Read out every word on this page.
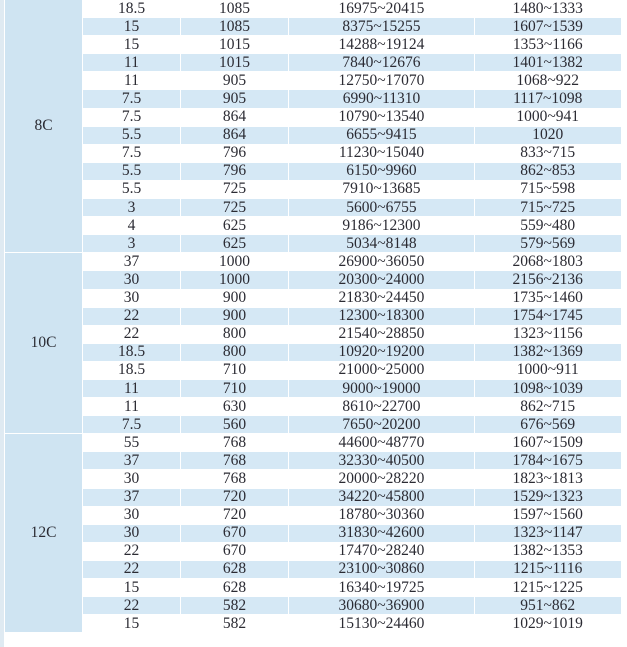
8C	18.5	1085	16975~20415	1480~1333
	15	1085	8375~15255	1607~1539
	15	1015	14288~19124	1353~1166
	11	1015	7840~12676	1401~1382
	11	905	12750~17070	1068~922
	7.5	905	6990~11310	1117~1098
	7.5	864	10790~13540	1000~941
	5.5	864	6655~9415	1020
	7.5	796	11230~15040	833~715
	5.5	796	6150~9960	862~853
	5.5	725	7910~13685	715~598
	3	725	5600~6755	715~725
	4	625	9186~12300	559~480
	3	625	5034~8148	579~569
10C	37	1000	26900~36050	2068~1803
	30	1000	20300~24000	2156~2136
	30	900	21830~24450	1735~1460
	22	900	12300~18300	1754~1745
	22	800	21540~28850	1323~1156
	18.5	800	10920~19200	1382~1369
	18.5	710	21000~25000	1000~911
	11	710	9000~19000	1098~1039
	11	630	8610~22700	862~715
	7.5	560	7650~20200	676~569
12C	55	768	44600~48770	1607~1509
	37	768	32330~40500	1784~1675
	30	768	20000~28220	1823~1813
	37	720	34220~45800	1529~1323
	30	720	18780~30360	1597~1560
	30	670	31830~42600	1323~1147
	22	670	17470~28240	1382~1353
	22	628	23100~30860	1215~1116
	15	628	16340~19725	1215~1225
	22	582	30680~36900	951~862
	15	582	15130~24460	1029~1019
